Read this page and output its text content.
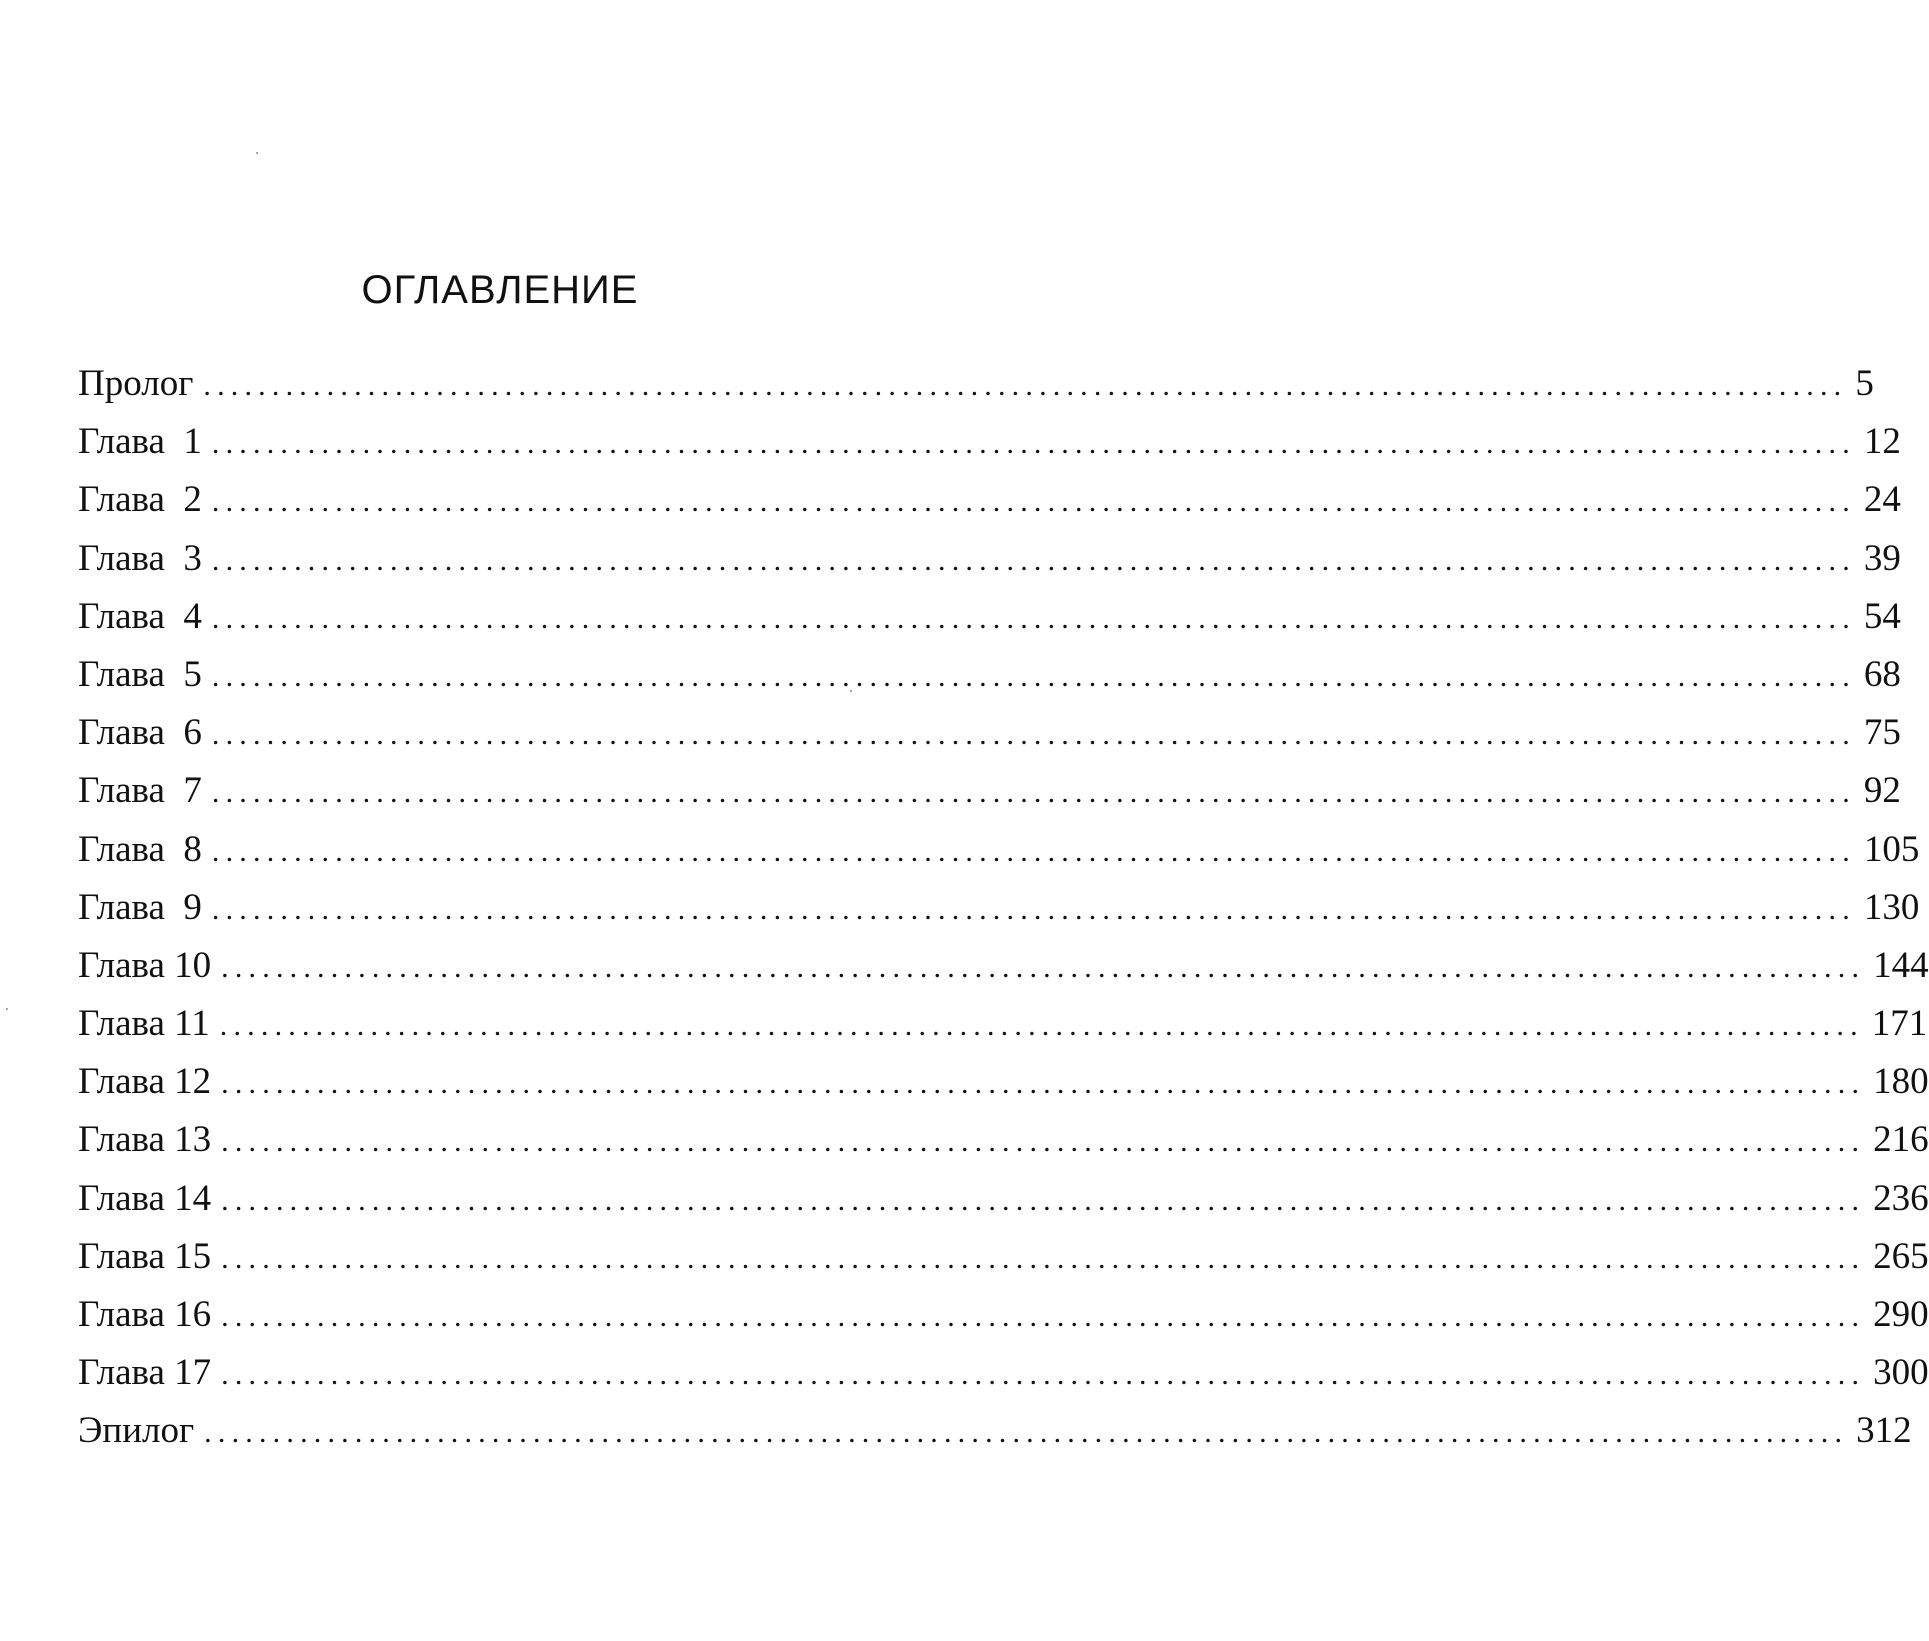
ОГЛАВЛЕНИЕ
Пролог ........................................................................................................................ 5
Глава  1 ........................................................................................................................ 12
Глава  2 ........................................................................................................................ 24
Глава  3 ........................................................................................................................ 39
Глава  4 ........................................................................................................................ 54
Глава  5 ........................................................................................................................ 68
Глава  6 ........................................................................................................................ 75
Глава  7 ........................................................................................................................ 92
Глава  8 ........................................................................................................................ 105
Глава  9 ........................................................................................................................ 130
Глава 10 ........................................................................................................................ 144
Глава 11 ........................................................................................................................ 171
Глава 12 ........................................................................................................................ 180
Глава 13 ........................................................................................................................ 216
Глава 14 ........................................................................................................................ 236
Глава 15 ........................................................................................................................ 265
Глава 16 ........................................................................................................................ 290
Глава 17 ........................................................................................................................ 300
Эпилог ........................................................................................................................ 312
